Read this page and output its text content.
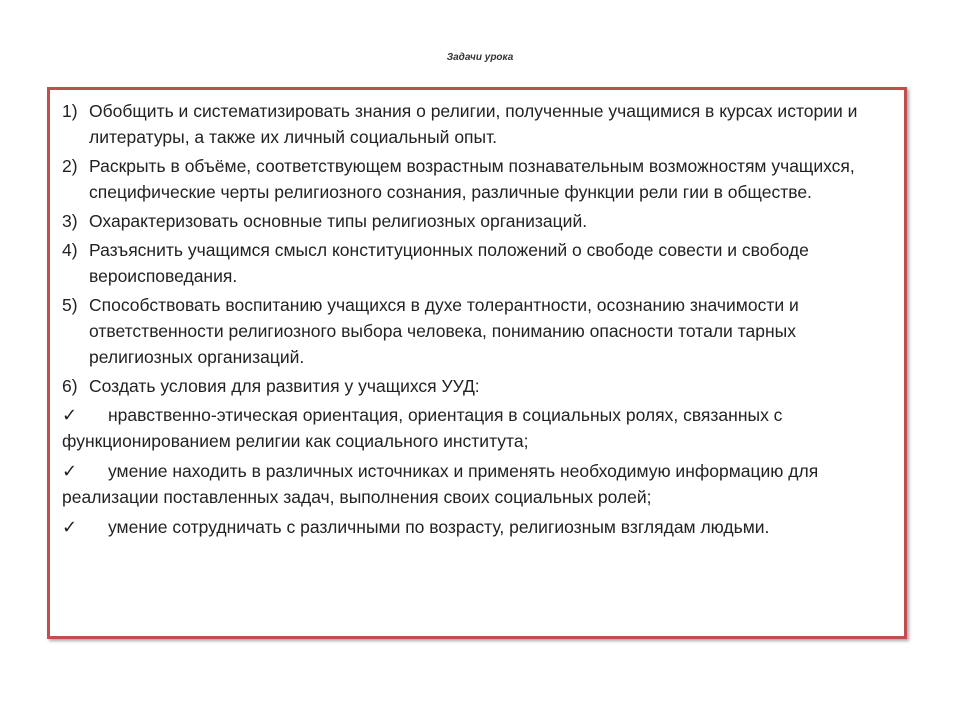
Задачи урока
1) Обобщить и систематизировать знания о религии, полученные учащимися в курсах истории и литературы, а также их личный социальный опыт.
2) Раскрыть в объёме, соответствующем возрастным познавательным возможностям учащихся, специфические черты религиозного сознания, различные функции рели гии в обществе.
3) Охарактеризовать основные типы религиозных организаций.
4) Разъяснить учащимся смысл конституционных положений о свободе совести и свободе вероисповедания.
5) Способствовать воспитанию учащихся в духе толерантности, осознанию значимости и ответственности религиозного выбора человека, пониманию опасности тотали тарных религиозных организаций.
6) Создать условия для развития у учащихся УУД:
✓ нравственно-этическая ориентация, ориентация в социальных ролях, связанных с функционированием религии как социального института;
✓ умение находить в различных источниках и применять необходимую информацию для реализации поставленных задач, выполнения своих социальных ролей;
✓ умение сотрудничать с различными по возрасту, религиозным взглядам людьми.
